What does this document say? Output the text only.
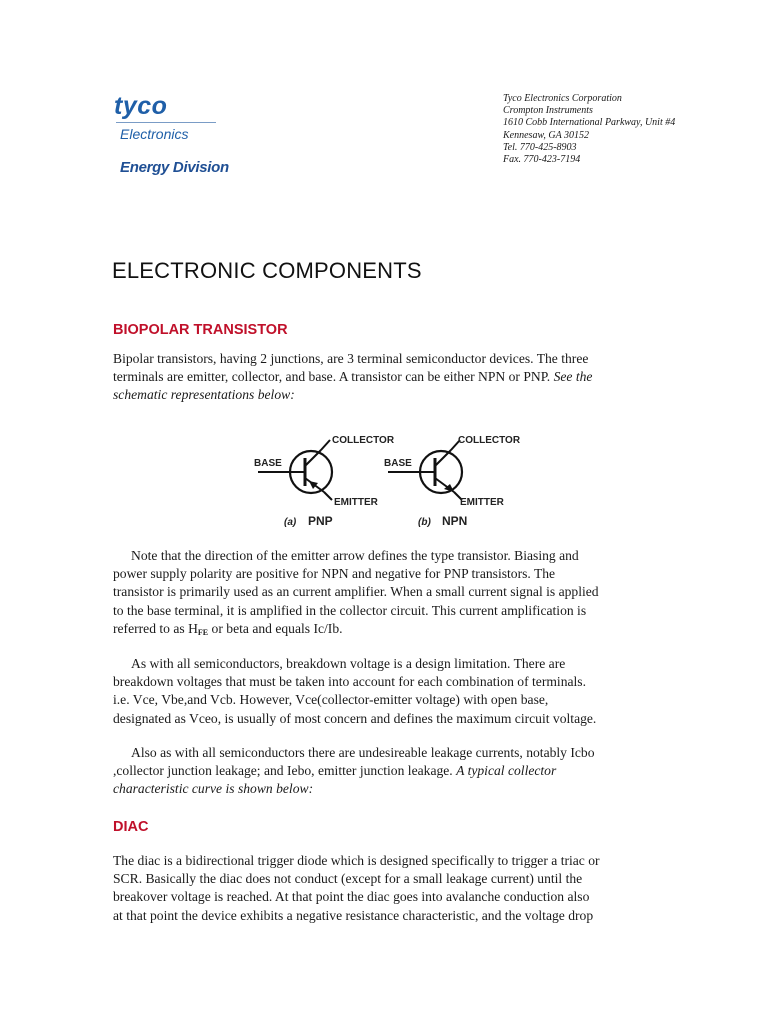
tyco
Electronics
Energy Division
Tyco Electronics Corporation
Crompton Instruments
1610 Cobb International Parkway, Unit #4
Kennesaw, GA 30152
Tel. 770-425-8903
Fax. 770-423-7194
ELECTRONIC COMPONENTS
BIOPOLAR TRANSISTOR
Bipolar transistors, having 2 junctions, are 3 terminal semiconductor devices. The three
terminals are emitter, collector, and base. A transistor can be either NPN or PNP. See the
schematic representations below:
COLLECTOR
BASE
EMITTER
(a) PNP
COLLECTOR
BASE
EMITTER
(b) NPN
Note that the direction of the emitter arrow defines the type transistor. Biasing and
power supply polarity are positive for NPN and negative for PNP transistors. The
transistor is primarily used as an current amplifier. When a small current signal is applied
to the base terminal, it is amplified in the collector circuit. This current amplification is
referred to as $H_{FE}$ or beta and equals Ic/Ib.
As with all semiconductors, breakdown voltage is a design limitation. There are
breakdown voltages that must be taken into account for each combination of terminals.
i.e. Vce, Vbe,and Vcb. However, Vce(collector-emitter voltage) with open base,
designated as Vceo, is usually of most concern and defines the maximum circuit voltage.
Also as with all semiconductors there are undesireable leakage currents, notably Icbo
,collector junction leakage; and Iebo, emitter junction leakage. A typical collector
characteristic curve is shown below:
DIAC
The diac is a bidirectional trigger diode which is designed specifically to trigger a triac or
SCR. Basically the diac does not conduct (except for a small leakage current) until the
breakover voltage is reached. At that point the diac goes into avalanche conduction also
at that point the device exhibits a negative resistance characteristic, and the voltage drop
